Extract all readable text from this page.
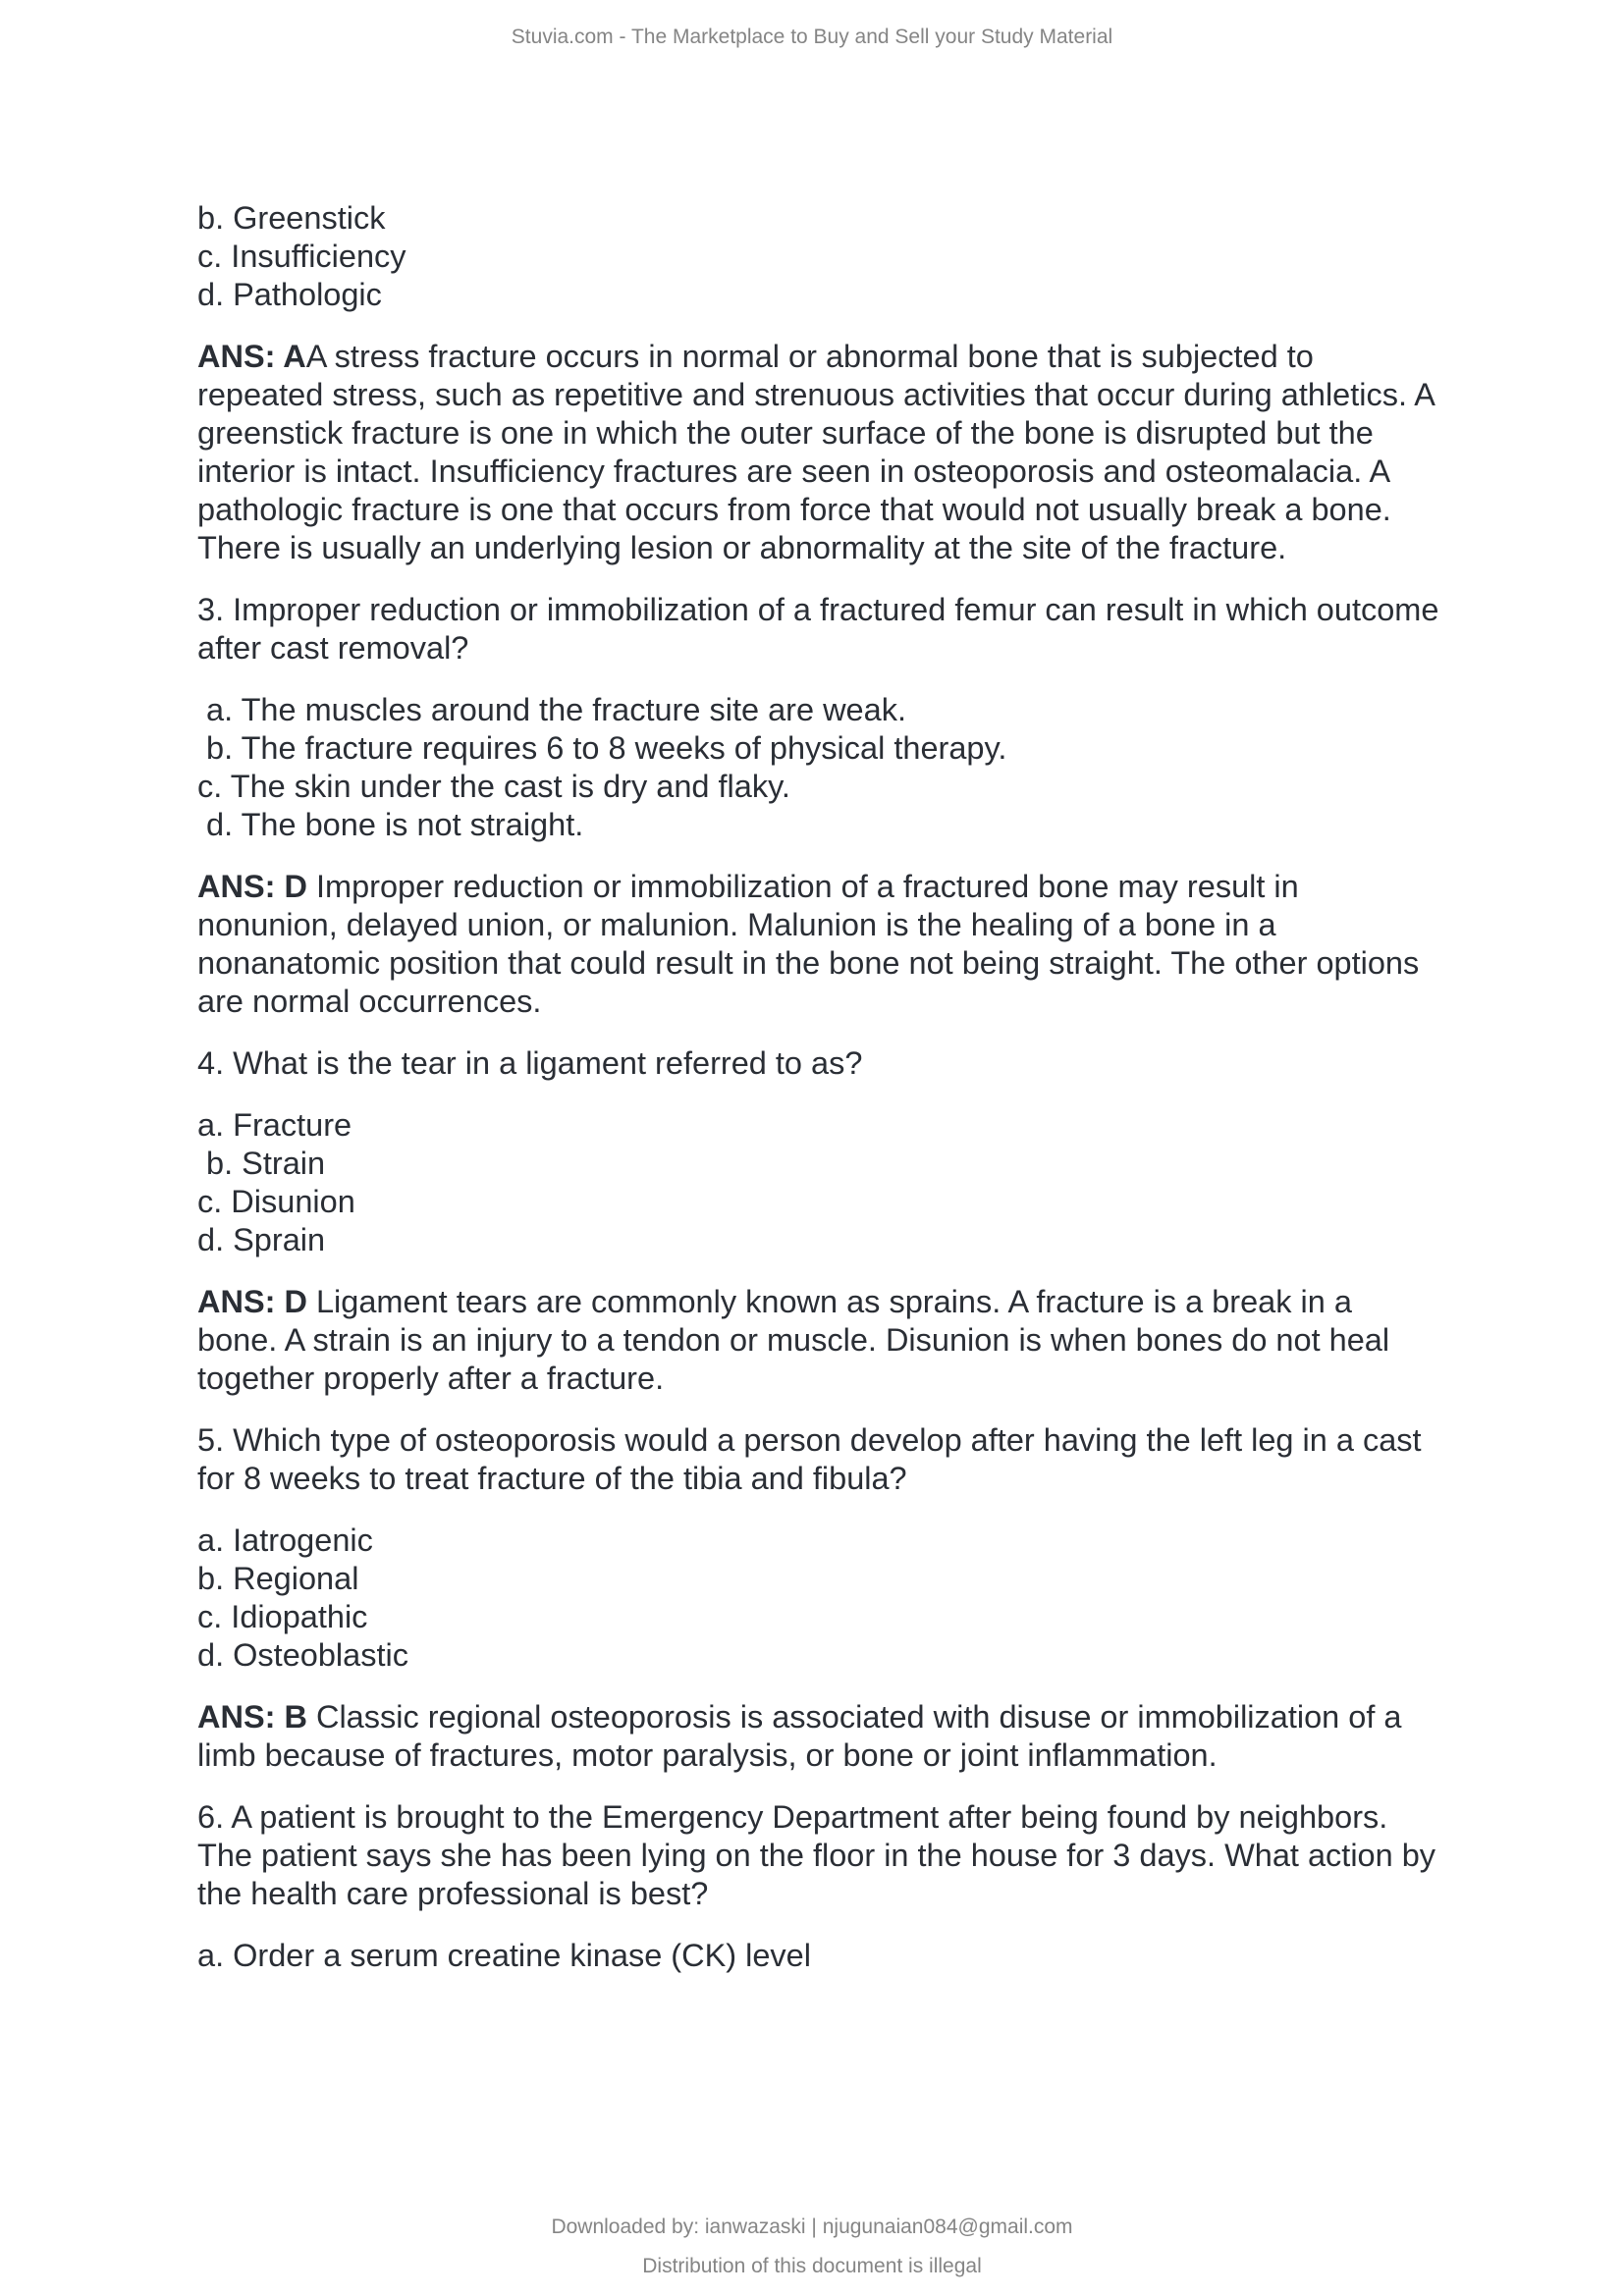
Stuvia.com - The Marketplace to Buy and Sell your Study Material
b. Greenstick
c. Insufficiency
d. Pathologic
ANS: AA stress fracture occurs in normal or abnormal bone that is subjected to
repeated stress, such as repetitive and strenuous activities that occur during athletics. A
greenstick fracture is one in which the outer surface of the bone is disrupted but the
interior is intact. Insufficiency fractures are seen in osteoporosis and osteomalacia. A
pathologic fracture is one that occurs from force that would not usually break a bone.
There is usually an underlying lesion or abnormality at the site of the fracture.
3. Improper reduction or immobilization of a fractured femur can result in which outcome
after cast removal?
a. The muscles around the fracture site are weak.
b. The fracture requires 6 to 8 weeks of physical therapy.
c. The skin under the cast is dry and flaky.
d. The bone is not straight.
ANS: D Improper reduction or immobilization of a fractured bone may result in
nonunion, delayed union, or malunion. Malunion is the healing of a bone in a
nonanatomic position that could result in the bone not being straight. The other options
are normal occurrences.
4. What is the tear in a ligament referred to as?
a. Fracture
b. Strain
c. Disunion
d. Sprain
ANS: D Ligament tears are commonly known as sprains. A fracture is a break in a
bone. A strain is an injury to a tendon or muscle. Disunion is when bones do not heal
together properly after a fracture.
5. Which type of osteoporosis would a person develop after having the left leg in a cast
for 8 weeks to treat fracture of the tibia and fibula?
a. Iatrogenic
b. Regional
c. Idiopathic
d. Osteoblastic
ANS: B Classic regional osteoporosis is associated with disuse or immobilization of a
limb because of fractures, motor paralysis, or bone or joint inflammation.
6. A patient is brought to the Emergency Department after being found by neighbors.
The patient says she has been lying on the floor in the house for 3 days. What action by
the health care professional is best?
a. Order a serum creatine kinase (CK) level
Downloaded by: ianwazaski | njugunaian084@gmail.com
Distribution of this document is illegal
